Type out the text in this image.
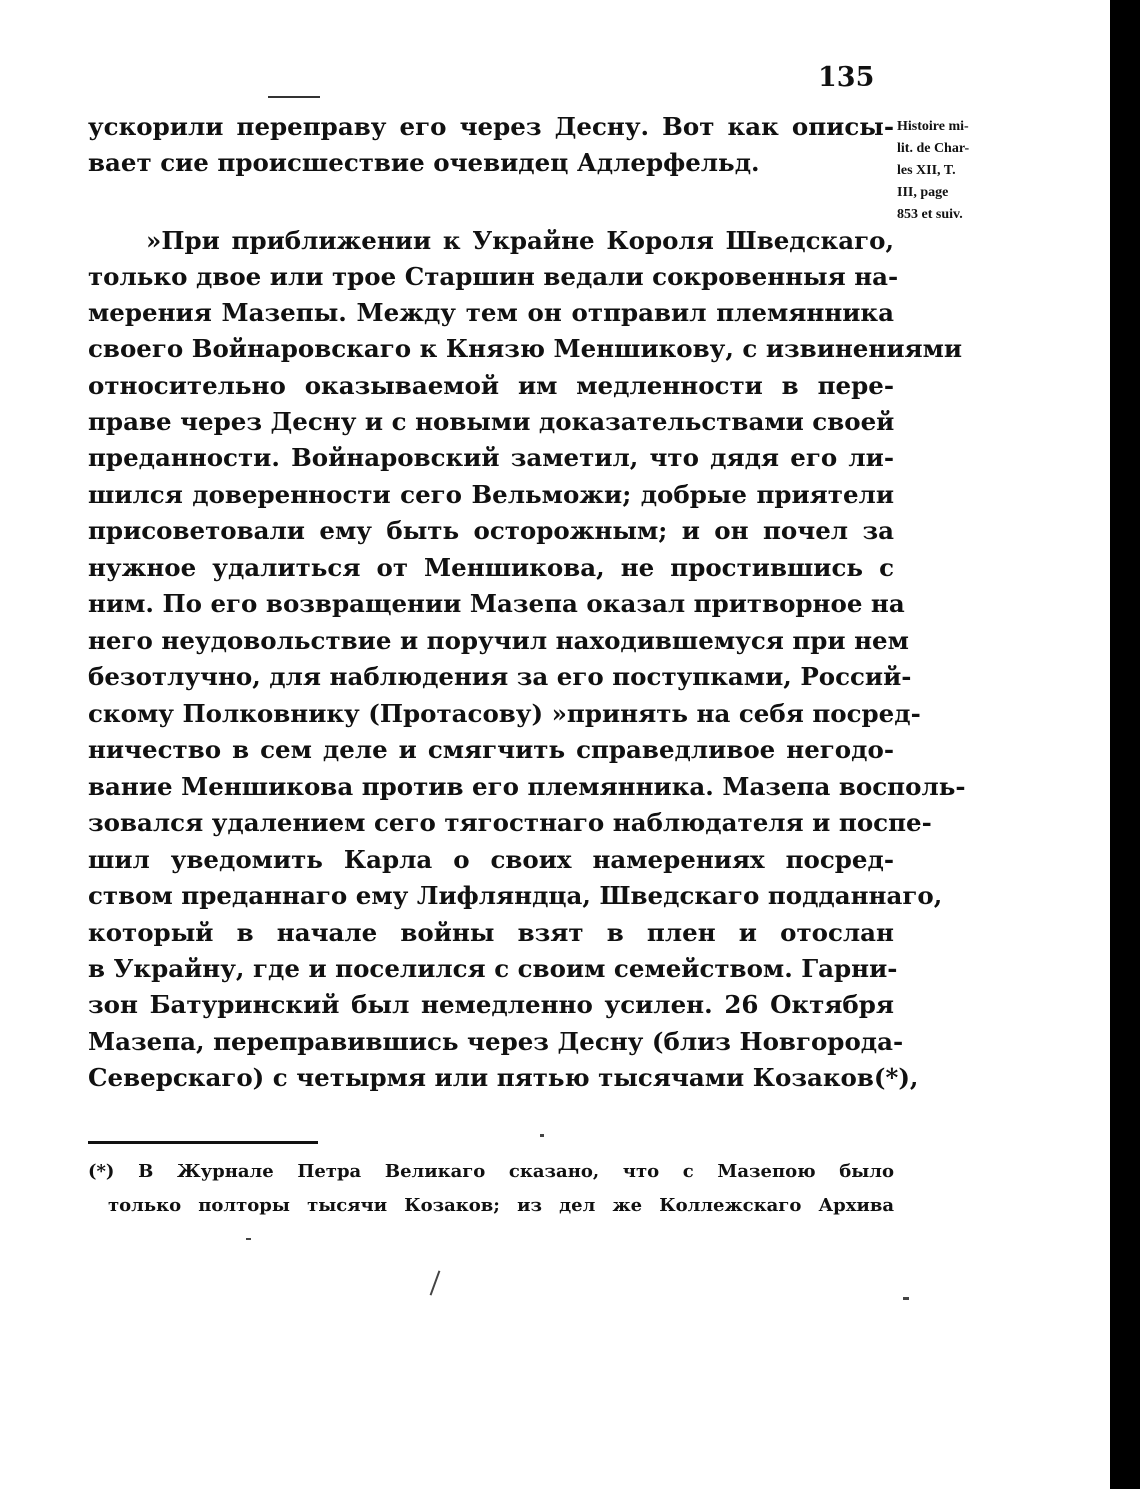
135
Histoire mi-
lit. de Char-
les XII, T.
III, page
853 et suiv.
ускорили переправу его через Десну. Вот как описы-
вает сие происшествие очевидец Адлерфельд.
»При приближении к Украйне Короля Шведскаго,
только двое или трое Старшин ведали сокровенныя на-
мерения Мазепы. Между тем он отправил племянника
своего Войнаровскаго к Князю Меншикову, с извинениями
относительно оказываемой им медленности в пере-
праве через Десну и с новыми доказательствами своей
преданности. Войнаровский заметил, что дядя его ли-
шился доверенности сего Вельможи; добрые приятели
присоветовали ему быть осторожным; и он почел за
нужное удалиться от Меншикова, не простившись с
ним. По его возвращении Мазепа оказал притворное на
него неудовольствие и поручил находившемуся при нем
безотлучно, для наблюдения за его поступками, Россий-
скому Полковнику (Протасову) »принять на себя посред-
ничество в сем деле и смягчить справедливое негодо-
вание Меншикова против его племянника. Мазепа восполь-
зовался удалением сего тягостнаго наблюдателя и поспе-
шил уведомить Карла о своих намерениях посред-
ством преданнаго ему Лифляндца, Шведскаго подданнаго,
который в начале войны взят в плен и отослан
в Украйну, где и поселился с своим семейством. Гарни-
зон Батуринский был немедленно усилен. 26 Октября
Мазепа, переправившись через Десну (близ Новгорода-
Северскаго) с четырмя или пятью тысячами Козаков(*),
(*) В Журнале Петра Великаго сказано, что с Мазепою было
только полторы тысячи Козаков; из дел же Коллежскаго Архива
